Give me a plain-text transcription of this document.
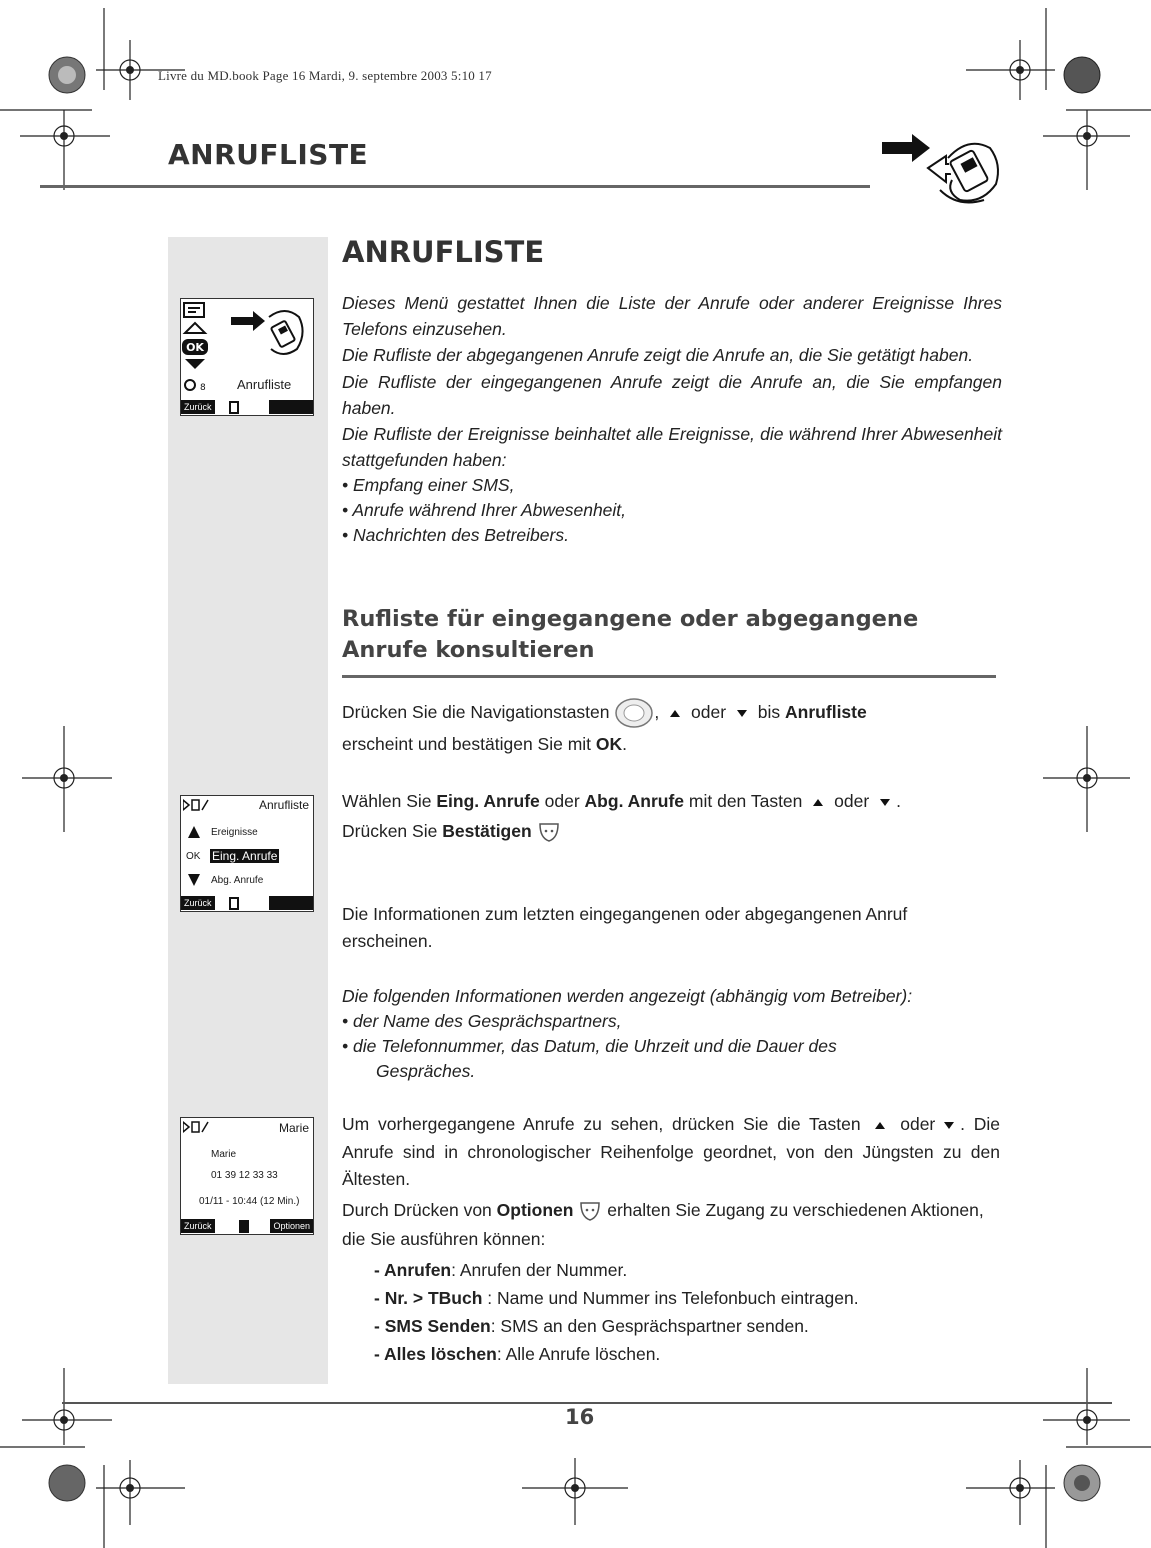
Livre du MD.book Page 16 Mardi, 9. septembre 2003 5:10 17
ANRUFLISTE
OK
8 Anrufliste
Zurück
Anrufliste
Ereignisse
OK Eing. Anrufe
Abg. Anrufe
Zurück
Marie
Marie
01 39 12 33 33
01/11 - 10:44 (12 Min.)
Zurück	Optionen
ANRUFLISTE

Dieses Menü gestattet Ihnen die Liste der Anrufe oder anderer Ereignisse Ihres Telefons einzusehen.

Die Rufliste der abgegangenen Anrufe zeigt die Anrufe an, die Sie getätigt haben.

Die Rufliste der eingegangenen Anrufe zeigt die Anrufe an, die Sie empfangen haben.

Die Rufliste der Ereignisse beinhaltet alle Ereignisse, die während Ihrer Abwesenheit stattgefunden haben:

• Empfang einer SMS,
• Anrufe während Ihrer Abwesenheit,
• Nachrichten des Betreibers.
Rufliste für eingegangene oder abgegangene Anrufe konsultieren
Drücken Sie die Navigationstasten	, oder bis Anrufliste
erscheint und bestätigen Sie mit OK.
Wählen Sie Eing. Anrufe oder Abg. Anrufe mit den Tasten oder .
Drücken Sie Bestätigen
Die Informationen zum letzten eingegangenen oder abgegangenen Anruf erscheinen.
Die folgenden Informationen werden angezeigt (abhängig vom Betreiber):
• der Name des Gesprächspartners,
• die Telefonnummer, das Datum, die Uhrzeit und die Dauer des
Gespräches.
Um vorhergegangene Anrufe zu sehen, drücken Sie die Tasten oder . Die Anrufe sind in chronologischer Reihenfolge geordnet, von den Jüngsten zu den Ältesten.
Durch Drücken von Optionen erhalten Sie Zugang zu verschiedenen Aktionen, die Sie ausführen können:
- Anrufen: Anrufen der Nummer.
- Nr. > TBuch : Name und Nummer ins Telefonbuch eintragen.
- SMS Senden: SMS an den Gesprächspartner senden.
- Alles löschen: Alle Anrufe löschen.
16
